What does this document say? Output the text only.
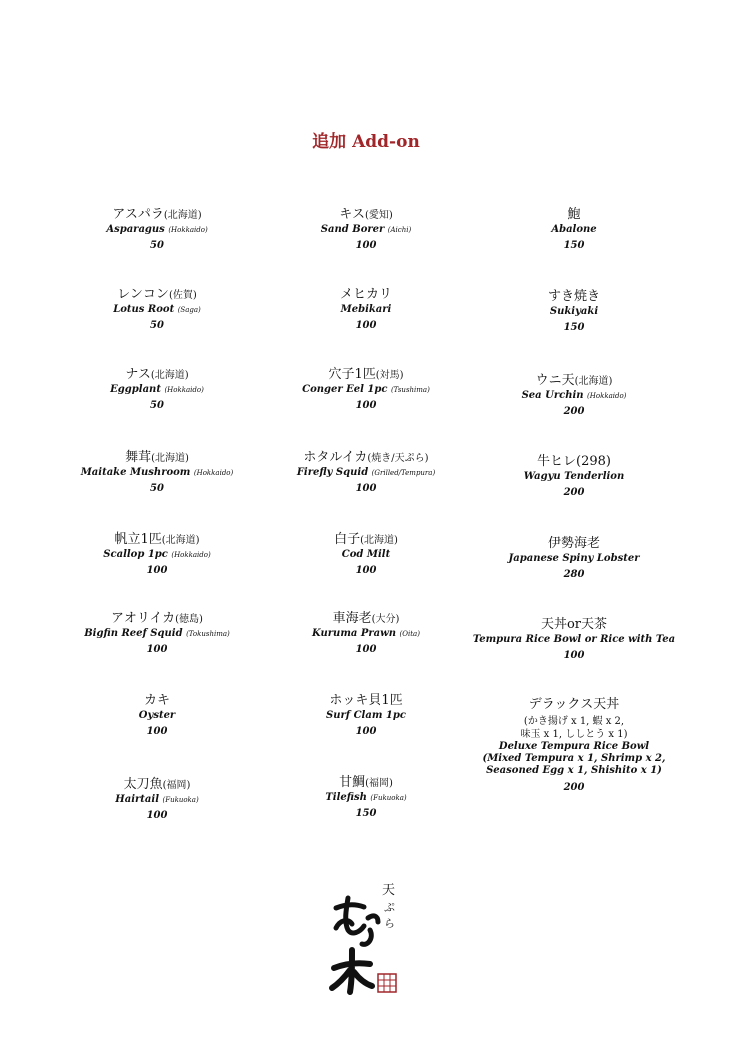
追加 Add-on
アスパラ(北海道)
Asparagus (Hokkaido)
50
レンコン(佐賀)
Lotus Root (Saga)
50
ナス(北海道)
Eggplant (Hokkaido)
50
舞茸(北海道)
Maitake Mushroom (Hokkaido)
50
帆立1匹(北海道)
Scallop 1pc (Hokkaido)
100
アオリイカ(徳島)
Bigfin Reef Squid (Tokushima)
100
カキ
Oyster
100
太刀魚(福岡)
Hairtail (Fukuoka)
100
キス(愛知)
Sand Borer (Aichi)
100
メヒカリ
Mebikari
100
穴子1匹(対馬)
Conger Eel 1pc (Tsushima)
100
ホタルイカ(焼き/天ぷら)
Firefly Squid (Grilled/Tempura)
100
白子(北海道)
Cod Milt
100
車海老(大分)
Kuruma Prawn (Oita)
100
ホッキ貝1匹
Surf Clam 1pc
100
甘鯛(福岡)
Tilefish (Fukuoka)
150
鮑
Abalone
150
すき焼き
Sukiyaki
150
ウニ天(北海道)
Sea Urchin (Hokkaido)
200
牛ヒレ(298)
Wagyu Tenderlion
200
伊勢海老
Japanese Spiny Lobster
280
天丼or天茶
Tempura Rice Bowl or Rice with Tea
100
デラックス天丼
(かき揚げ x 1, 蝦 x 2,
味玉 x 1, ししとう x 1)
Deluxe Tempura Rice Bowl
(Mixed Tempura x 1, Shrimp x 2,
Seasoned Egg x 1, Shishito x 1)
200
天
ぷ
ら
